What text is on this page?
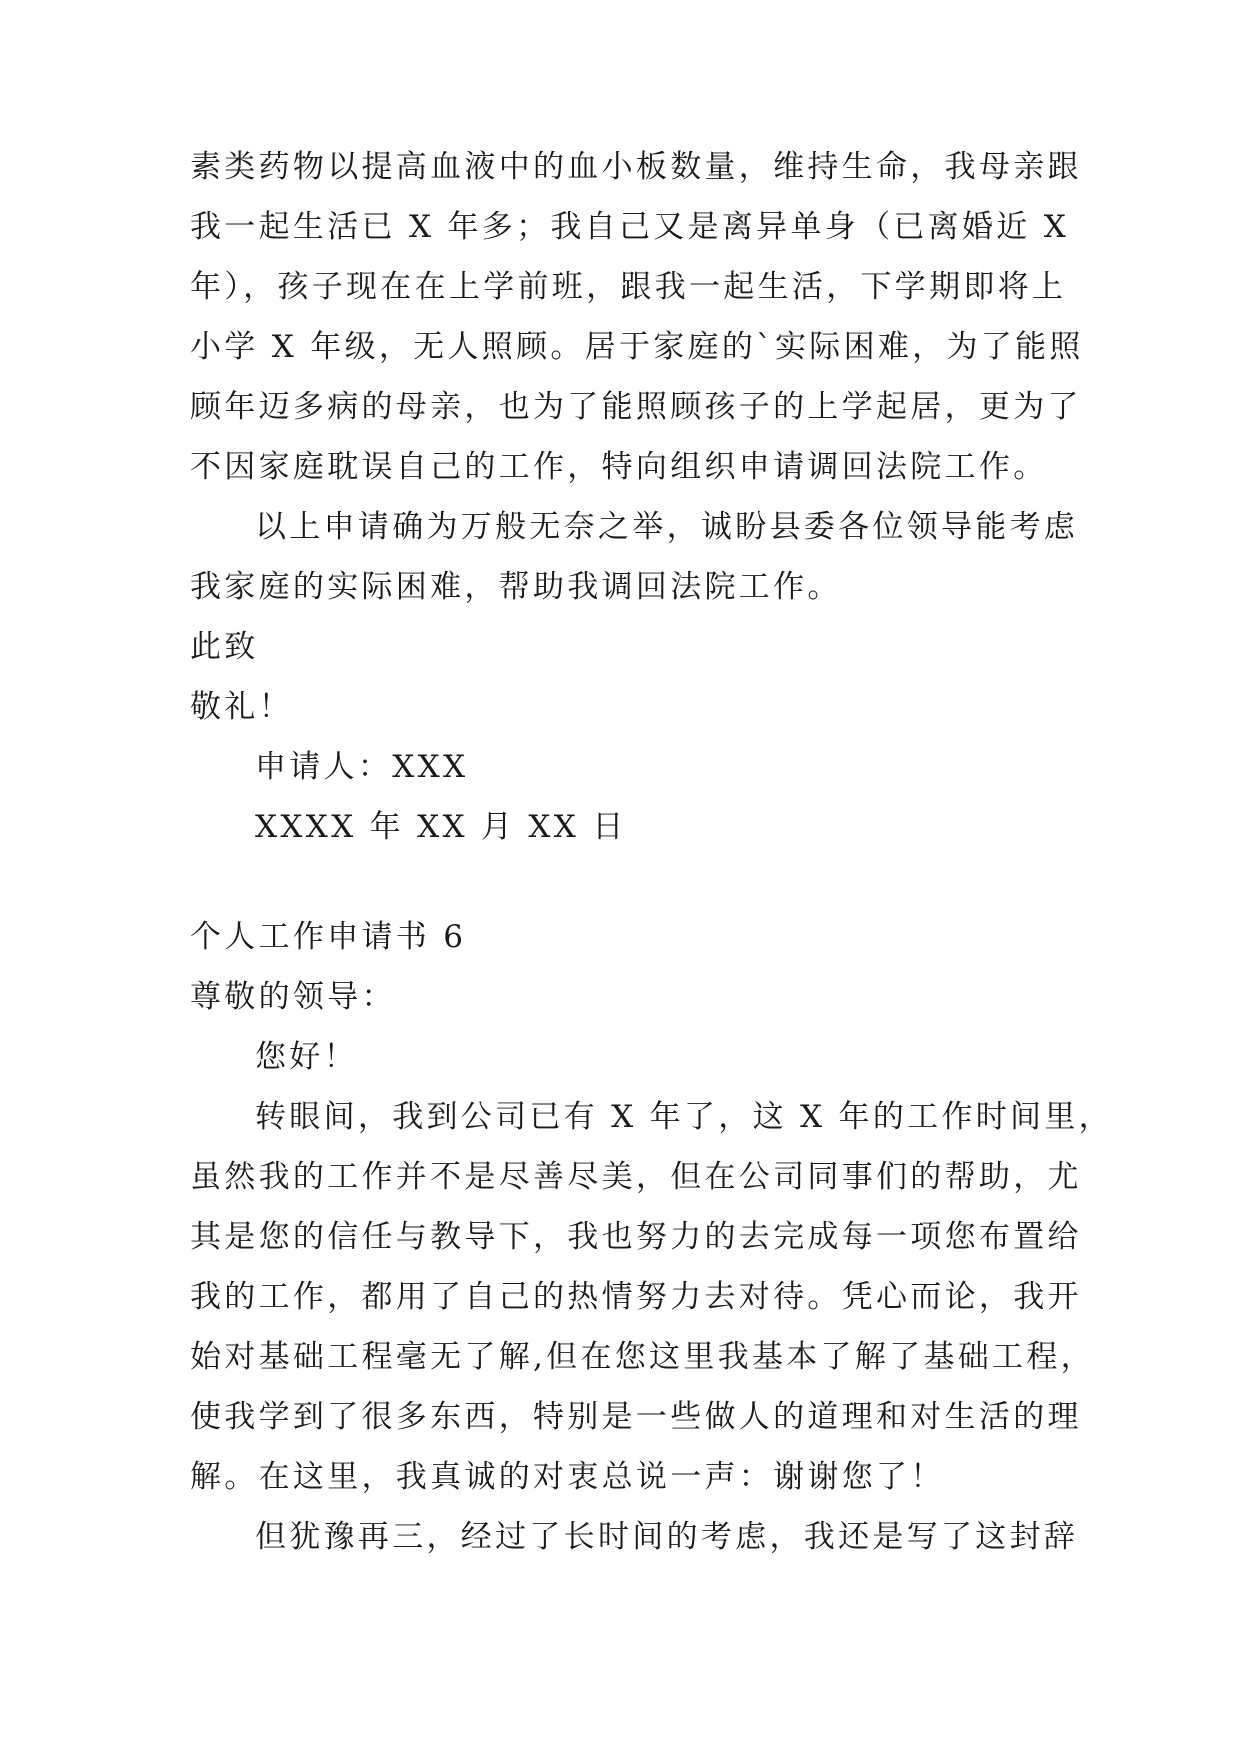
素类药物以提高血液中的血小板数量，维持生命，我母亲跟
我一起生活已 X 年多；我自己又是离异单身（已离婚近 X
年），孩子现在在上学前班，跟我一起生活，下学期即将上
小学 X 年级，无人照顾。居于家庭的`实际困难，为了能照
顾年迈多病的母亲，也为了能照顾孩子的上学起居，更为了
不因家庭耽误自己的工作，特向组织申请调回法院工作。
以上申请确为万般无奈之举，诚盼县委各位领导能考虑
我家庭的实际困难，帮助我调回法院工作。
此致
敬礼！
申请人：XXX
XXXX 年 XX 月 XX 日
个人工作申请书 6
尊敬的领导：
您好！
转眼间，我到公司已有 X 年了，这 X 年的工作时间里，
虽然我的工作并不是尽善尽美，但在公司同事们的帮助，尤
其是您的信任与教导下，我也努力的去完成每一项您布置给
我的工作，都用了自己的热情努力去对待。凭心而论，我开
始对基础工程毫无了解,但在您这里我基本了解了基础工程，
使我学到了很多东西，特别是一些做人的道理和对生活的理
解。在这里，我真诚的对衷总说一声：谢谢您了！
但犹豫再三，经过了长时间的考虑，我还是写了这封辞
